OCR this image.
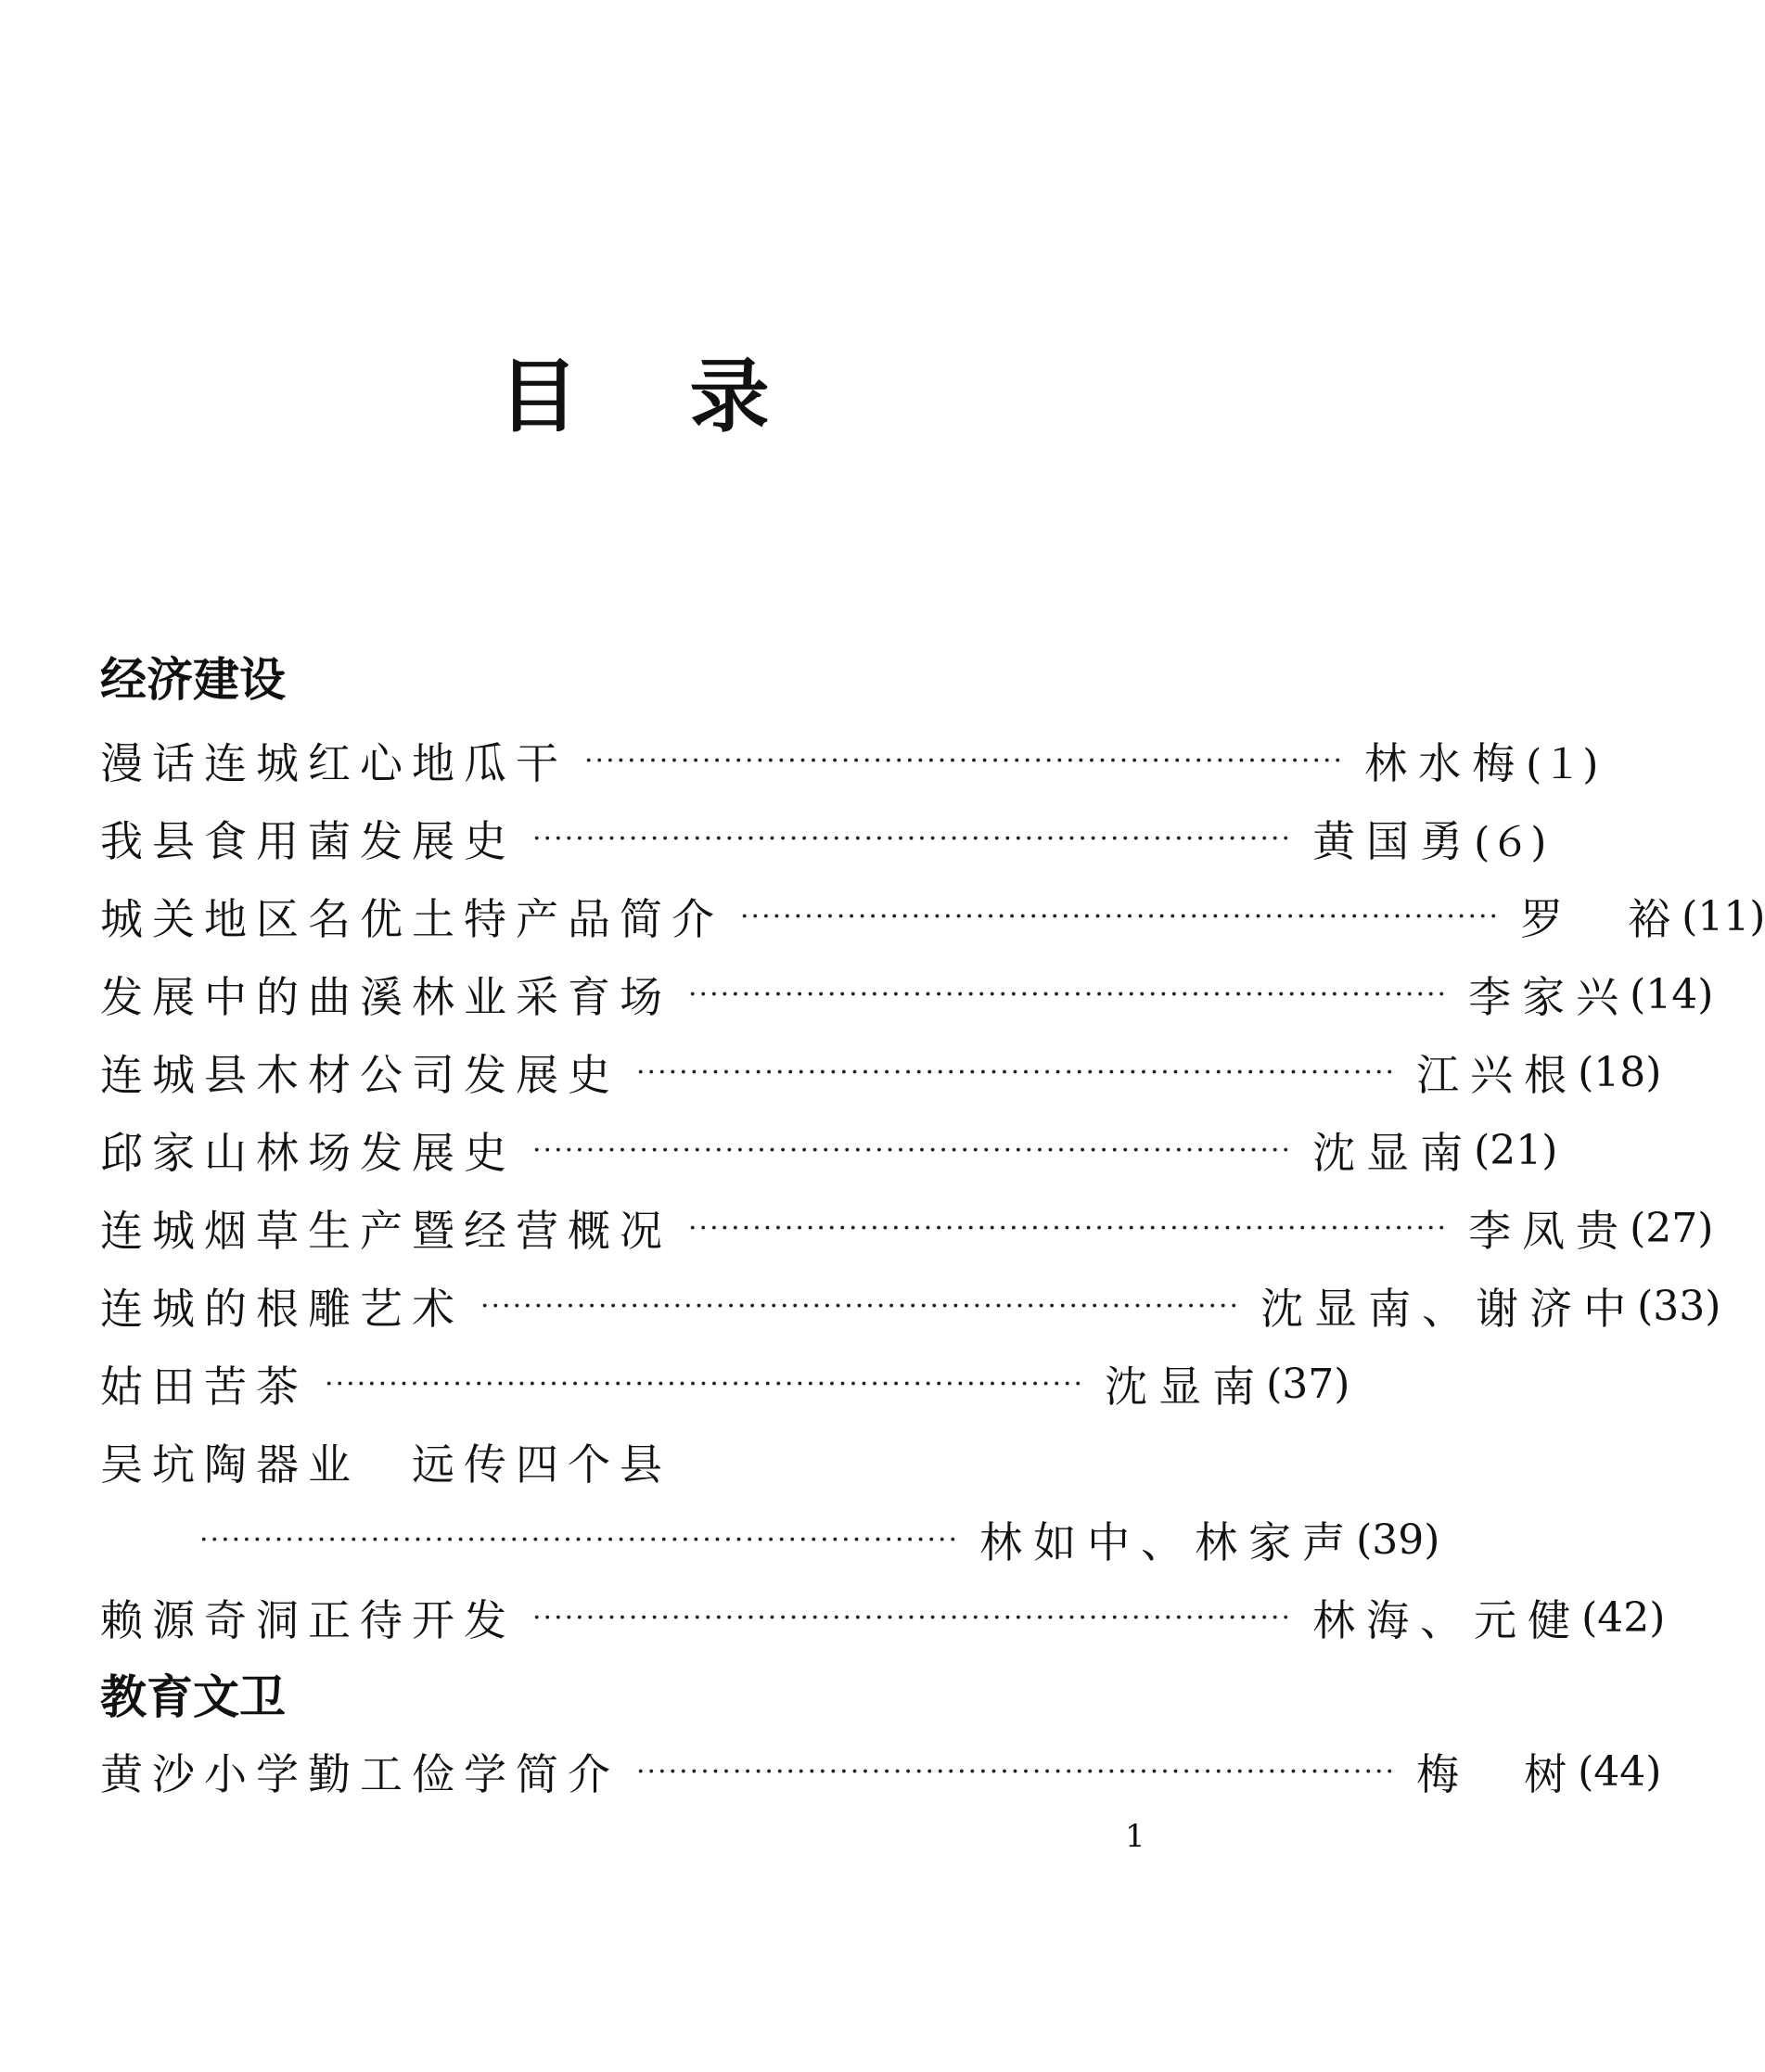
目录
经济建设
漫话连城红心地瓜干 ······································································· 林水梅 (１)
我县食用菌发展史 ······································································· 黄国勇 (６)
城关地区名优土特产品简介 ······································································· 罗　裕 (11)
发展中的曲溪林业采育场 ······································································· 李家兴 (14)
连城县木材公司发展史 ······································································· 江兴根 (18)
邱家山林场发展史 ······································································· 沈显南 (21)
连城烟草生产暨经营概况 ······································································· 李凤贵 (27)
连城的根雕艺术 ······································································· 沈显南、谢济中 (33)
姑田苦茶 ······································································· 沈显南 (37)
吴坑陶器业　远传四个县
······································································· 林如中、林家声 (39)
赖源奇洞正待开发 ······································································· 林海、元健 (42)
教育文卫
黄沙小学勤工俭学简介 ······································································· 梅　树 (44)
1
